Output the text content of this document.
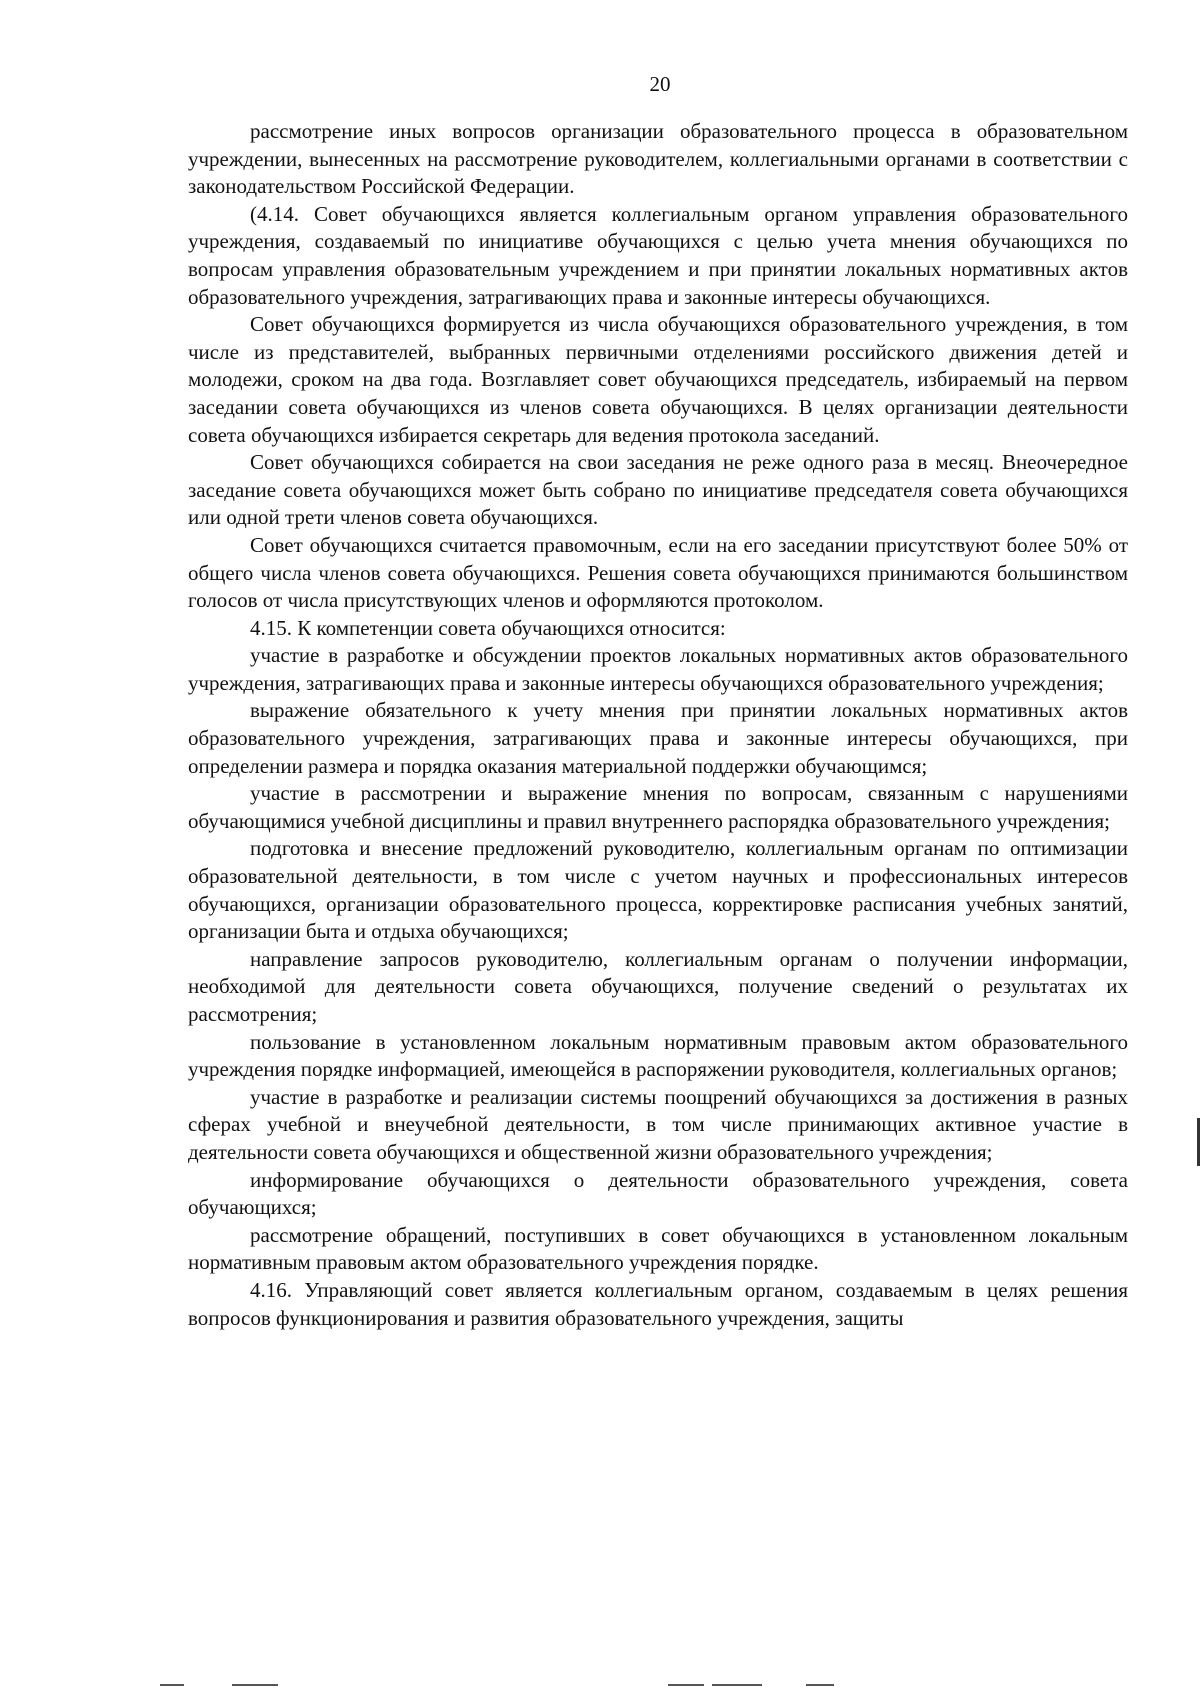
20

рассмотрение иных вопросов организации образовательного процесса в образовательном учреждении, вынесенных на рассмотрение руководителем, коллегиальными органами в соответствии с законодательством Российской Федерации.

(4.14. Совет обучающихся является коллегиальным органом управления образовательного учреждения, создаваемый по инициативе обучающихся с целью учета мнения обучающихся по вопросам управления образовательным учреждением и при принятии локальных нормативных актов образовательного учреждения, затрагивающих права и законные интересы обучающихся.

Совет обучающихся формируется из числа обучающихся образовательного учреждения, в том числе из представителей, выбранных первичными отделениями российского движения детей и молодежи, сроком на два года. Возглавляет совет обучающихся председатель, избираемый на первом заседании совета обучающихся из членов совета обучающихся. В целях организации деятельности совета обучающихся избирается секретарь для ведения протокола заседаний.

Совет обучающихся собирается на свои заседания не реже одного раза в месяц. Внеочередное заседание совета обучающихся может быть собрано по инициативе председателя совета обучающихся или одной трети членов совета обучающихся.

Совет обучающихся считается правомочным, если на его заседании присутствуют более 50% от общего числа членов совета обучающихся. Решения совета обучающихся принимаются большинством голосов от числа присутствующих членов и оформляются протоколом.

4.15. К компетенции совета обучающихся относится:

участие в разработке и обсуждении проектов локальных нормативных актов образовательного учреждения, затрагивающих права и законные интересы обучающихся образовательного учреждения;

выражение обязательного к учету мнения при принятии локальных нормативных актов образовательного учреждения, затрагивающих права и законные интересы обучающихся, при определении размера и порядка оказания материальной поддержки обучающимся;

участие в рассмотрении и выражение мнения по вопросам, связанным с нарушениями обучающимися учебной дисциплины и правил внутреннего распорядка образовательного учреждения;

подготовка и внесение предложений руководителю, коллегиальным органам по оптимизации образовательной деятельности, в том числе с учетом научных и профессиональных интересов обучающихся, организации образовательного процесса, корректировке расписания учебных занятий, организации быта и отдыха обучающихся;

направление запросов руководителю, коллегиальным органам о получении информации, необходимой для деятельности совета обучающихся, получение сведений о результатах их рассмотрения;

пользование в установленном локальным нормативным правовым актом образовательного учреждения порядке информацией, имеющейся в распоряжении руководителя, коллегиальных органов;

участие в разработке и реализации системы поощрений обучающихся за достижения в разных сферах учебной и внеучебной деятельности, в том числе принимающих активное участие в деятельности совета обучающихся и общественной жизни образовательного учреждения;

информирование обучающихся о деятельности образовательного учреждения, совета обучающихся;

рассмотрение обращений, поступивших в совет обучающихся в установленном локальным нормативным правовым актом образовательного учреждения порядке.

4.16. Управляющий совет является коллегиальным органом, создаваемым в целях решения вопросов функционирования и развития образовательного учреждения, защиты
